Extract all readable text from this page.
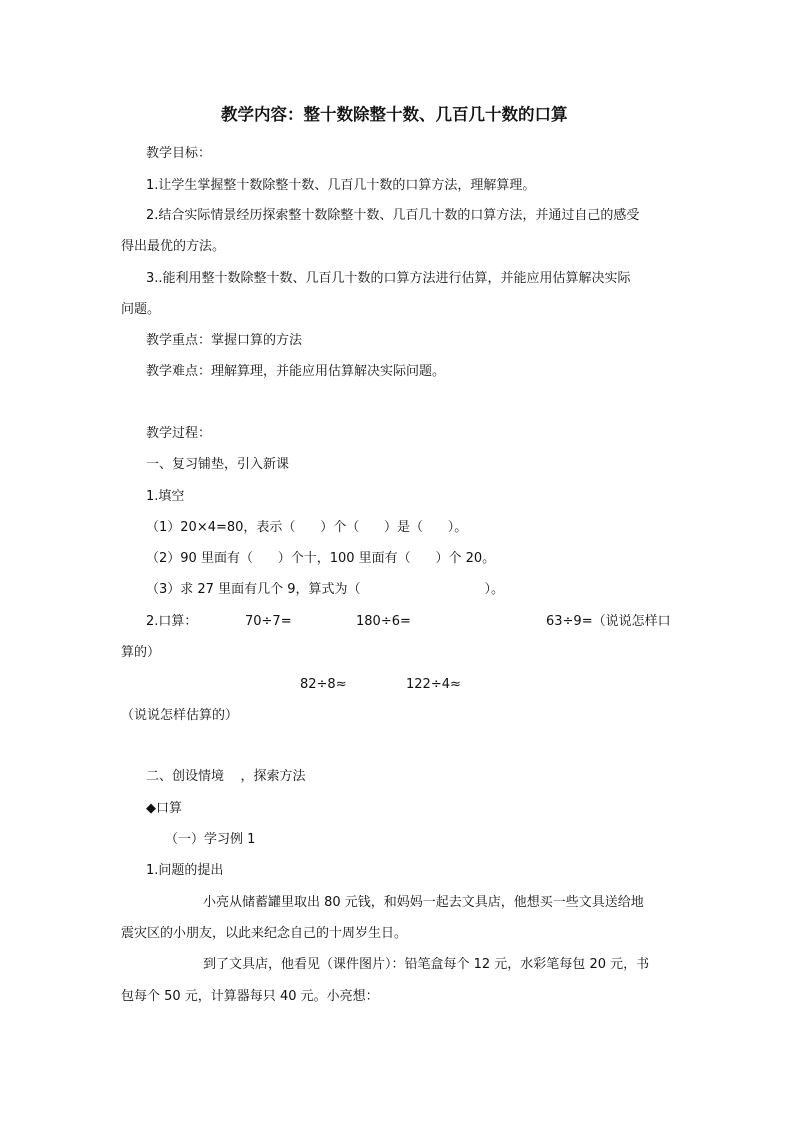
教学内容：整十数除整十数、几百几十数的口算
教学目标：
1.让学生掌握整十数除整十数、几百几十数的口算方法，理解算理。
2.结合实际情景经历探索整十数除整十数、几百几十数的口算方法，并通过自己的感受
得出最优的方法。
3..能利用整十数除整十数、几百几十数的口算方法进行估算，并能应用估算解决实际
问题。
教学重点：掌握口算的方法
教学难点：理解算理，并能应用估算解决实际问题。
教学过程：
一、复习铺垫，引入新课
1.填空
（1）20×4=80，表示（      ）个（      ）是（      ）。
（2）90 里面有（      ）个十，100 里面有（      ）个 20。
（3）求 27 里面有几个 9，算式为（                              ）。
2.口算：	70÷7=	180÷6=	63÷9=（说说怎样口
算的）
82÷8≈	122÷4≈
（说说怎样估算的）
二、创设情境    ，探索方法
◆口算
（一）学习例 1
1.问题的提出
小亮从储蓄罐里取出 80 元钱，和妈妈一起去文具店，他想买一些文具送给地
震灾区的小朋友，以此来纪念自己的十周岁生日。
到了文具店，他看见（课件图片）：铅笔盒每个 12 元，水彩笔每包 20 元，书
包每个 50 元，计算器每只 40 元。小亮想：
